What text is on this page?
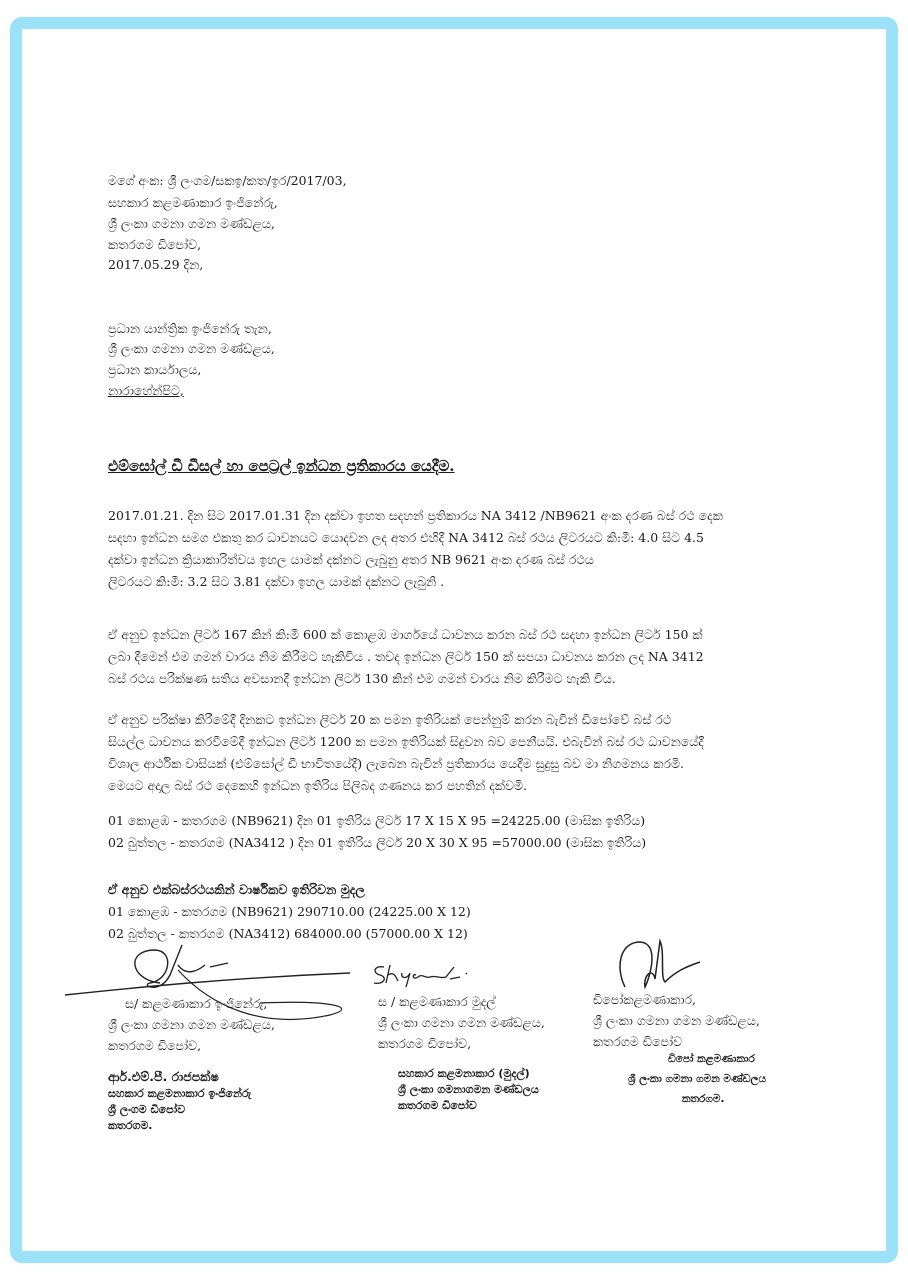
මගේ අංක: ශ්‍රී ලංගම/සකඉ/කත/ඉර/2017/03,
සහකාර කළමණාකාර ඉංජිනේරු,
ශ්‍රී ලංකා ගමනා ගමන මණ්ඩළය,
කතරගම ඩිපෝව,
2017.05.29 දින,
ප්‍රධාන යාන්ත්‍රික ඉංජිනේරු තැන,
ශ්‍රී ලංකා ගමනා ගමන මණ්ඩළය,
ප්‍රධාන කාර්යාලය,
නාරාහේන්පිට,
එම්සෝල් ඩී ඩීසල් හා පෙට්‍රල් ඉන්ධන ප්‍රතිකාරය යෙදීම.
2017.01.21. දින සිට 2017.01.31 දින දක්වා ඉහත සදහන් ප්‍රතිකාරය NA 3412 /NB9621 අංක දරණ බස් රථ දෙක
සදහා ඉන්ධන සමග එකතු කර ධාවනයට යොදවන ලද අතර එහිදී NA 3412 බස් රථය ලිටරයට කි:මී: 4.0 සිට 4.5
දක්වා ඉන්ධන ක්‍රියාකාරිත්වය ඉහල යාමක් දක්නට ලැබුනු අතර NB 9621 අංක දරණ බස් රථය
ලිටරයට කි:මී: 3.2 සිට 3.81 දක්වා ඉහල යාමක් දක්නට ලැබුනි .
ඒ අනුව ඉන්ධන ලිටර් 167 කින් කි:මී 600 ක් කොළඹ මාර්ගයේ ධාවනය කරන බස් රථ සදහා ඉන්ධන ලිටර් 150 ක්
ලබා දීමෙන් එම ගමන් වාරය නිම කිරීමට හැකිවිය . තවද ඉන්ධන ලිටර් 150 ක් සපයා ධාවනය කරන ලද NA 3412
බස් රථය පරික්ෂණ සතිය අවසානදී ඉන්ධන ලිටර් 130 කින් එම ගමන් වාරය නිම කිරීමට හැකි විය.
ඒ අනුව පරික්ෂා කිරීමේදී දිනකට ඉන්ධන ලිටර් 20 ක පමන ඉතිරියක් පෙන්නුම් කරන බැවින් ඩිපෝවේ බස් රථ
සියල්ල ධාවනය කරවීමේදී ඉන්ධන ලිටර් 1200 ක පමන ඉතිරියක් සිදුවන බව පෙනීයයි. එබැවින් බස් රථ ධාවනයේදී
විශාල ආර්ථික වාසියක් (එම්සෝල් ඩී භාවිතයේදී) ලැබෙන බැවින් ප්‍රතිකාරය යෙදීම සුදුසු බව මා නිගමනය කරමි.
මෙයට අදාල බස් රථ දෙකෙහි ඉන්ධන ඉතිරිය පිලිබද ගණනය කර පහතින් දක්වමි.
01 කොළඹ - කතරගම (NB9621) දින 01 ඉතිරිය ලිටර් 17 X 15 X 95 =24225.00 (මාසික ඉතිරිය)
02 බුත්තල - කතරගම (NA3412 ) දින 01 ඉතිරිය ලිටර් 20 X 30 X 95 =57000.00 (මාසික ඉතිරිය)
ඒ අනුව එක්බස්රථයකින් වාර්ෂිකව ඉතිරිවන මුදල
01 කොළඹ - කතරගම (NB9621) 290710.00 (24225.00 X 12)
02 බුත්තල - කතරගම (NA3412) 684000.00 (57000.00 X 12)
ස/ කළමණාකාර ඉංජිනේරු,
ශ්‍රී ලංකා ගමනා ගමන මණ්ඩළය,
කතරගම ඩිපෝව,
ආර්.එම්.පී. රාජපක්ෂ
සහකාර කළමනාකාර ඉංජිනේරු
ශ්‍රී ලංගම ඩිපෝව
කතරගම.
ස / කළමණාකාර මුදල්
ශ්‍රී ලංකා ගමනා ගමන මණ්ඩළය,
කතරගම ඩිපෝව,
සහකාර කළමනාකාර (මුදල්)
ශ්‍රී ලංකා ගමනාගමන මණ්ඩලය
කතරගම ඩිපෝව
ඩිපෝකළමණාකාර,
ශ්‍රී ලංකා ගමනා ගමන මණ්ඩළය,
කතරගම ඩිපෝව
ඩිපෝ කළමණාකාර
ශ්‍රී ලංකා ගමනා ගමන මණ්ඩලය
කතරගම.
